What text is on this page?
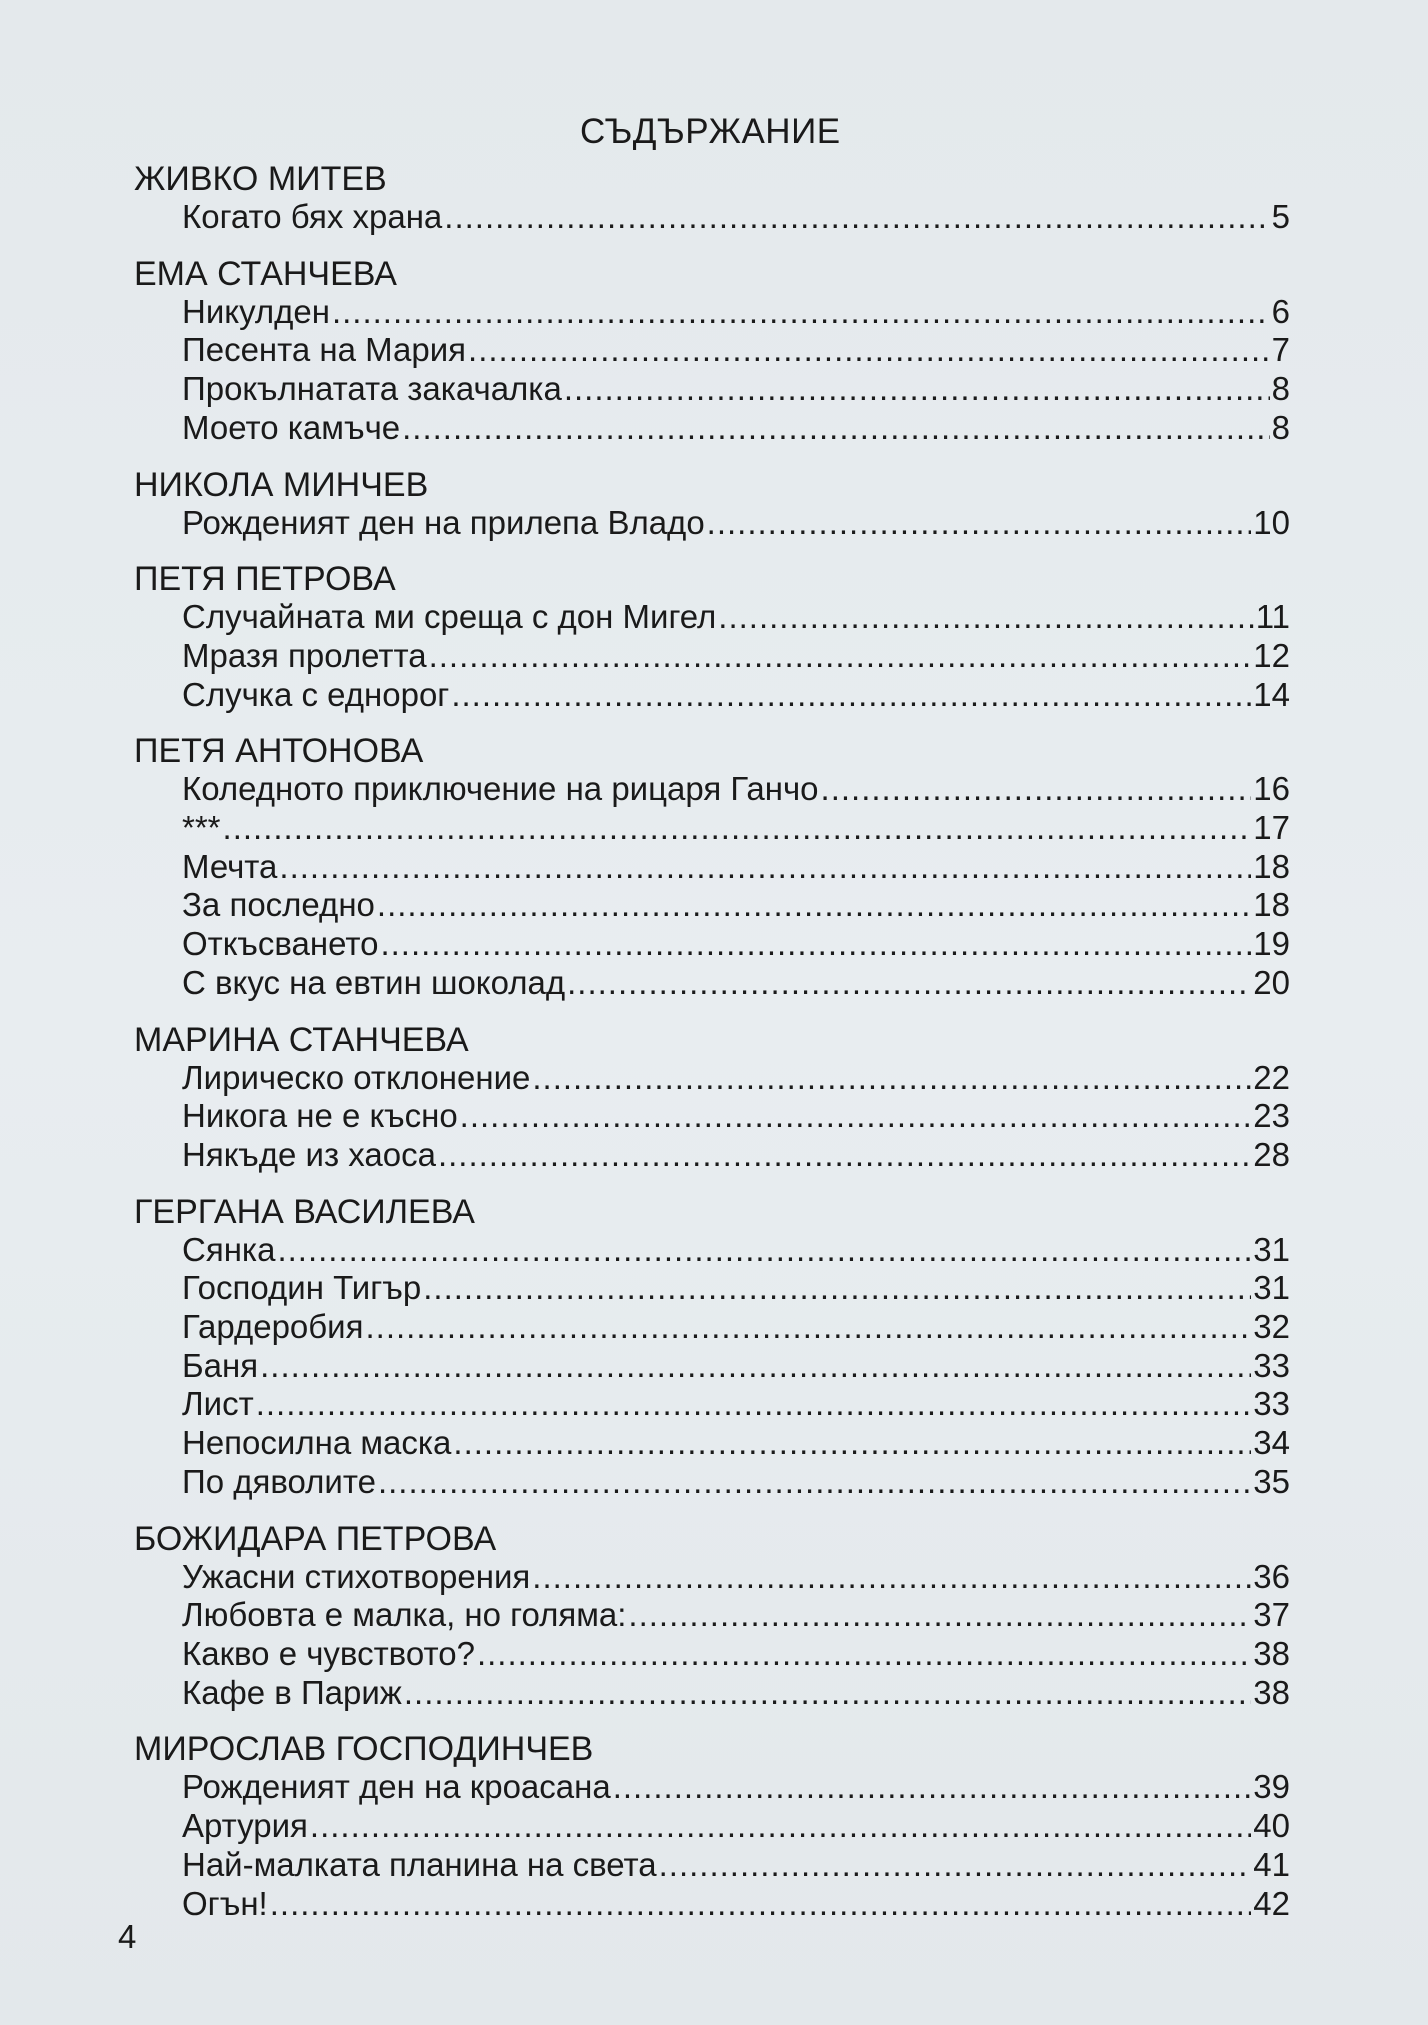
СЪДЪРЖАНИЕ
ЖИВКО МИТЕВ
Когато бях храна .....	5
ЕМА СТАНЧЕВА
Никулден .....	6
Песента на Мария .....	7
Прокълнатата закачалка .....	8
Моето камъче .....	8
НИКОЛА МИНЧЕВ
Рожденият ден на прилепа Владо .....	10
ПЕТЯ ПЕТРОВА
Случайната ми среща с дон Мигел .....	11
Мразя пролетта .....	12
Случка с еднорог .....	14
ПЕТЯ АНТОНОВА
Коледното приключение на рицаря Ганчо .....	16
*** .....	17
Мечта .....	18
За последно .....	18
Откъсването .....	19
С вкус на евтин шоколад .....	20
МАРИНА СТАНЧЕВА
Лирическо отклонение .....	22
Никога не е късно .....	23
Някъде из хаоса .....	28
ГЕРГАНА ВАСИЛЕВА
Сянка .....	31
Господин Тигър .....	31
Гардеробия .....	32
Баня .....	33
Лист .....	33
Непосилна маска .....	34
По дяволите .....	35
БОЖИДАРА ПЕТРОВА
Ужасни стихотворения .....	36
Любовта е малка, но голяма: .....	37
Какво е чувството? .....	38
Кафе в Париж .....	38
МИРОСЛАВ ГОСПОДИНЧЕВ
Рожденият ден на кроасана .....	39
Артурия .....	40
Най-малката планина на света .....	41
Огън! .....	42
4
